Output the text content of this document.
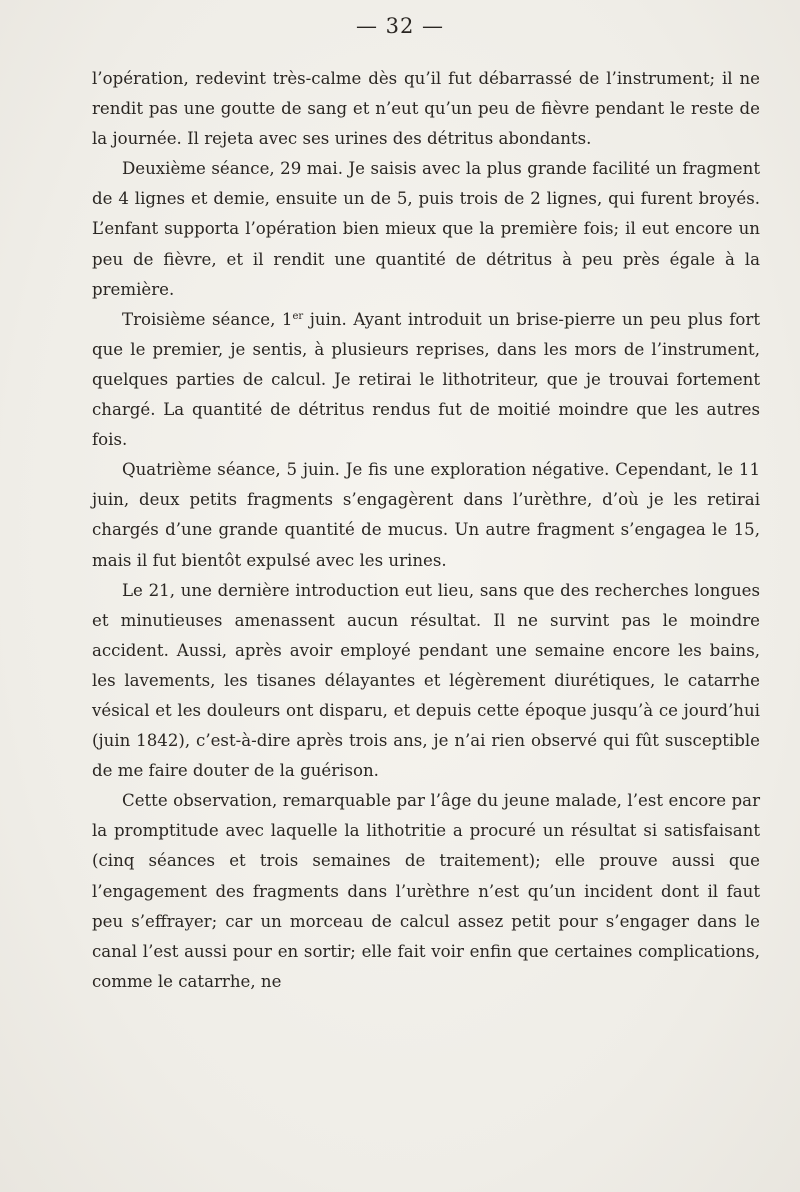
— 32 —

l’opération, redevint très-calme dès qu’il fut débarrassé de l’instrument; il ne rendit pas une goutte de sang et n’eut qu’un peu de fièvre pendant le reste de la journée. Il rejeta avec ses urines des détritus abondants.

Deuxième séance, 29 mai. Je saisis avec la plus grande facilité un fragment de 4 lignes et demie, ensuite un de 5, puis trois de 2 lignes, qui furent broyés. L’enfant supporta l’opération bien mieux que la première fois; il eut encore un peu de fièvre, et il rendit une quantité de détritus à peu près égale à la première.

Troisième séance, 1er juin. Ayant introduit un brise-pierre un peu plus fort que le premier, je sentis, à plusieurs reprises, dans les mors de l’instrument, quelques parties de calcul. Je retirai le lithotriteur, que je trouvai fortement chargé. La quantité de détritus rendus fut de moitié moindre que les autres fois.

Quatrième séance, 5 juin. Je fis une exploration négative. Cependant, le 11 juin, deux petits fragments s’engagèrent dans l’urèthre, d’où je les retirai chargés d’une grande quantité de mucus. Un autre fragment s’engagea le 15, mais il fut bientôt expulsé avec les urines.

Le 21, une dernière introduction eut lieu, sans que des recherches longues et minutieuses amenassent aucun résultat. Il ne survint pas le moindre accident. Aussi, après avoir employé pendant une semaine encore les bains, les lavements, les tisanes délayantes et légèrement diurétiques, le catarrhe vésical et les douleurs ont disparu, et depuis cette époque jusqu’à ce jourd’hui (juin 1842), c’est-à-dire après trois ans, je n’ai rien observé qui fût susceptible de me faire douter de la guérison.

Cette observation, remarquable par l’âge du jeune malade, l’est encore par la promptitude avec laquelle la lithotritie a procuré un résultat si satisfaisant (cinq séances et trois semaines de traitement); elle prouve aussi que l’engagement des fragments dans l’urèthre n’est qu’un incident dont il faut peu s’effrayer; car un morceau de calcul assez petit pour s’engager dans le canal l’est aussi pour en sortir; elle fait voir enfin que certaines complications, comme le catarrhe, ne
